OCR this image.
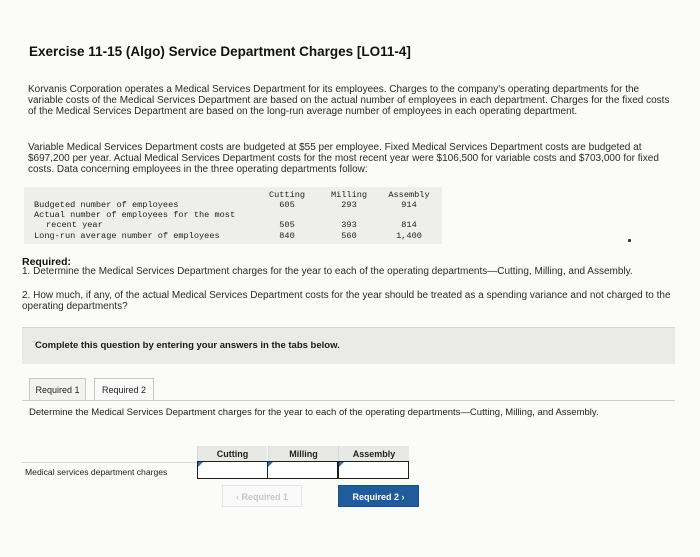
Exercise 11-15 (Algo) Service Department Charges [LO11-4]

Korvanis Corporation operates a Medical Services Department for its employees. Charges to the company's operating departments for the variable costs of the Medical Services Department are based on the actual number of employees in each department. Charges for the fixed costs of the Medical Services Department are based on the long-run average number of employees in each operating department.

Variable Medical Services Department costs are budgeted at $55 per employee. Fixed Medical Services Department costs are budgeted at $697,200 per year. Actual Medical Services Department costs for the most recent year were $106,500 for variable costs and $703,000 for fixed costs. Data concerning employees in the three operating departments follow:

Cutting	Milling	Assembly
Budgeted number of employees	605	293	914
Actual number of employees for the most
recent year	505	393	814
Long-run average number of employees	840	560	1,400
Required:

1. Determine the Medical Services Department charges for the year to each of the operating departments—Cutting, Milling, and Assembly.

2. How much, if any, of the actual Medical Services Department costs for the year should be treated as a spending variance and not charged to the operating departments?

Complete this question by entering your answers in the tabs below.
Required 1	Required 2

Determine the Medical Services Department charges for the year to each of the operating departments—Cutting, Milling, and Assembly.

Cutting	Milling	Assembly
Medical services department charges
‹ Required 1	Required 2 ›
